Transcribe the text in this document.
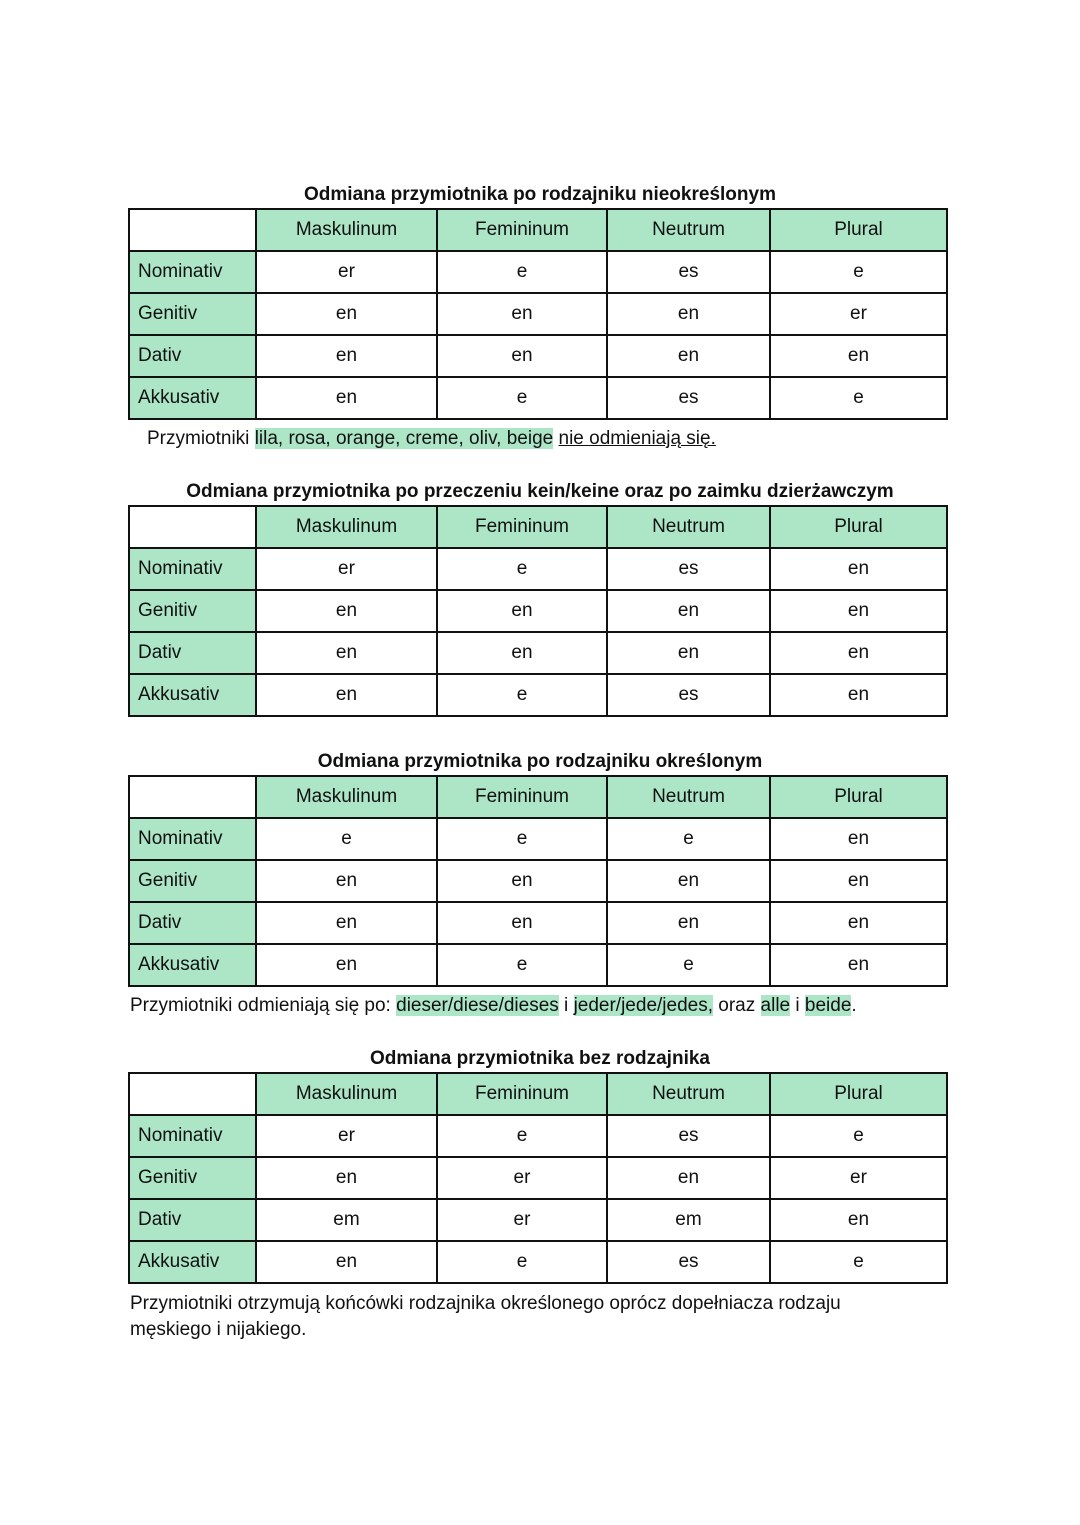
Odmiana przymiotnika po rodzajniku nieokreślonym
	Maskulinum	Femininum	Neutrum	Plural
Nominativ	er	e	es	e
Genitiv	en	en	en	er
Dativ	en	en	en	en
Akkusativ	en	e	es	e
Przymiotniki lila, rosa, orange, creme, oliv, beige nie odmieniają się.
Odmiana przymiotnika po przeczeniu kein/keine oraz po zaimku dzierżawczym
	Maskulinum	Femininum	Neutrum	Plural
Nominativ	er	e	es	en
Genitiv	en	en	en	en
Dativ	en	en	en	en
Akkusativ	en	e	es	en
Odmiana przymiotnika po rodzajniku określonym
	Maskulinum	Femininum	Neutrum	Plural
Nominativ	e	e	e	en
Genitiv	en	en	en	en
Dativ	en	en	en	en
Akkusativ	en	e	e	en
Przymiotniki odmieniają się po: dieser/diese/dieses i jeder/jede/jedes, oraz alle i beide.
Odmiana przymiotnika bez rodzajnika
	Maskulinum	Femininum	Neutrum	Plural
Nominativ	er	e	es	e
Genitiv	en	er	en	er
Dativ	em	er	em	en
Akkusativ	en	e	es	e
Przymiotniki otrzymują końcówki rodzajnika określonego oprócz dopełniacza rodzaju męskiego i nijakiego.
